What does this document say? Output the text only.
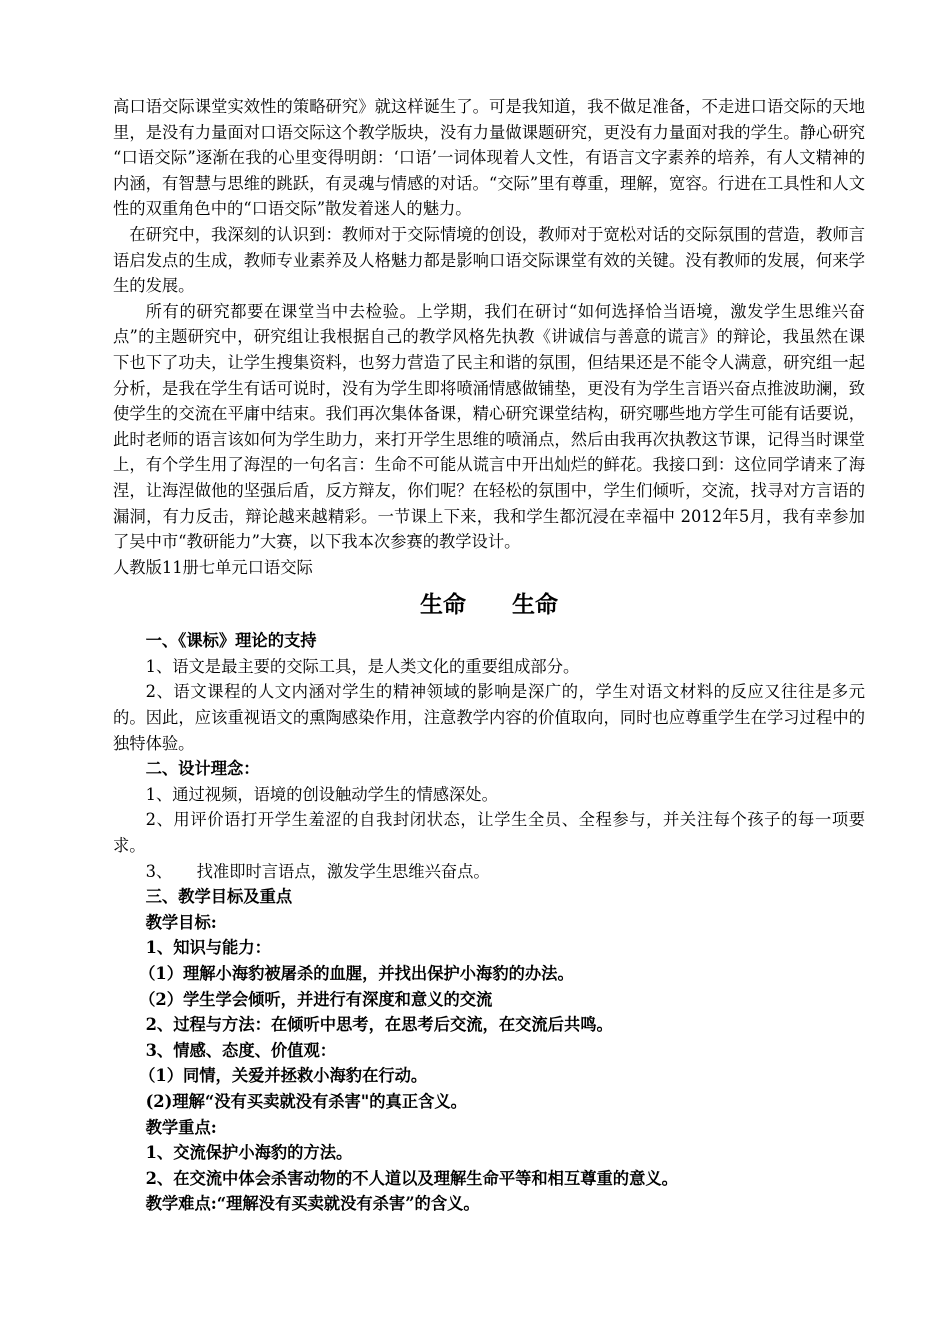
高口语交际课堂实效性的策略研究》就这样诞生了。可是我知道，我不做足准备，不走进口语交际的天地里，是没有力量面对口语交际这个教学版块，没有力量做课题研究，更没有力量面对我的学生。静心研究 “口语交际”逐渐在我的心里变得明朗：‘口语’一词体现着人文性，有语言文字素养的培养，有人文精神的内涵，有智慧与思维的跳跃，有灵魂与情感的对话。“交际”里有尊重，理解，宽容。行进在工具性和人文性的双重角色中的“口语交际”散发着迷人的魅力。

在研究中，我深刻的认识到：教师对于交际情境的创设，教师对于宽松对话的交际氛围的营造，教师言语启发点的生成，教师专业素养及人格魅力都是影响口语交际课堂有效的关键。没有教师的发展，何来学生的发展。

所有的研究都要在课堂当中去检验。上学期，我们在研讨“如何选择恰当语境，激发学生思维兴奋点”的主题研究中，研究组让我根据自己的教学风格先执教《讲诚信与善意的谎言》的辩论，我虽然在课下也下了功夫，让学生搜集资料，也努力营造了民主和谐的氛围，但结果还是不能令人满意，研究组一起分析，是我在学生有话可说时，没有为学生即将喷涌情感做铺垫，更没有为学生言语兴奋点推波助澜，致使学生的交流在平庸中结束。我们再次集体备课，精心研究课堂结构，研究哪些地方学生可能有话要说，此时老师的语言该如何为学生助力，来打开学生思维的喷涌点，然后由我再次执教这节课，记得当时课堂上，有个学生用了海涅的一句名言：生命不可能从谎言中开出灿烂的鲜花。我接口到：这位同学请来了海涅，让海涅做他的坚强后盾，反方辩友，你们呢？在轻松的氛围中，学生们倾听，交流，找寻对方言语的漏洞，有力反击，辩论越来越精彩。一节课上下来，我和学生都沉浸在幸福中 2012年5月，我有幸参加了吴中市“教研能力”大赛，以下我本次参赛的教学设计。

人教版11册七单元口语交际

生命　　生命

一、《课标》理论的支持

1、语文是最主要的交际工具，是人类文化的重要组成部分。

2、语文课程的人文内涵对学生的精神领域的影响是深广的，学生对语文材料的反应又往往是多元的。因此，应该重视语文的熏陶感染作用，注意教学内容的价值取向，同时也应尊重学生在学习过程中的独特体验。

二、设计理念：

1、通过视频，语境的创设触动学生的情感深处。

2、用评价语打开学生羞涩的自我封闭状态，让学生全员、全程参与，并关注每个孩子的每一项要求。

3、　　找准即时言语点，激发学生思维兴奋点。

三、教学目标及重点

教学目标:

1、知识与能力：

（1）理解小海豹被屠杀的血腥，并找出保护小海豹的办法。

（2）学生学会倾听，并进行有深度和意义的交流

2、过程与方法：在倾听中思考，在思考后交流，在交流后共鸣。

3、情感、态度、价值观：

（1）同情，关爱并拯救小海豹在行动。

(2)理解“没有买卖就没有杀害"的真正含义。

教学重点:

1、交流保护小海豹的方法。

2、在交流中体会杀害动物的不人道以及理解生命平等和相互尊重的意义。

教学难点:“理解没有买卖就没有杀害”的含义。
